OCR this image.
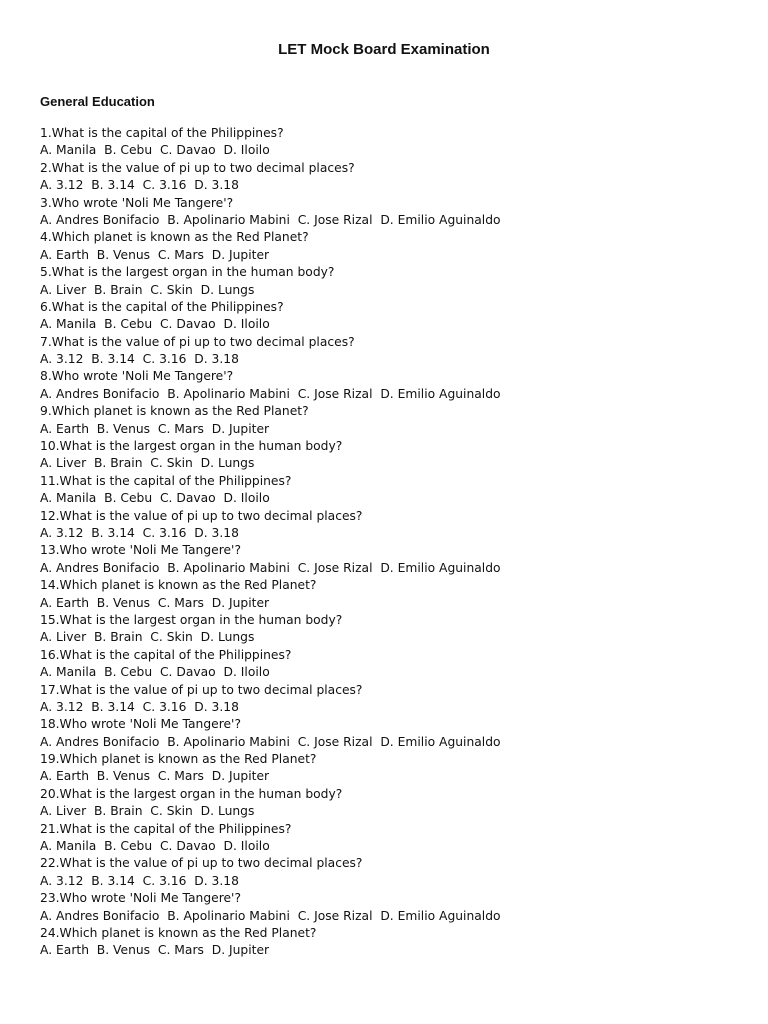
LET Mock Board Examination
General Education
1.What is the capital of the Philippines?
A. Manila  B. Cebu  C. Davao  D. Iloilo
2.What is the value of pi up to two decimal places?
A. 3.12  B. 3.14  C. 3.16  D. 3.18
3.Who wrote 'Noli Me Tangere'?
A. Andres Bonifacio  B. Apolinario Mabini  C. Jose Rizal  D. Emilio Aguinaldo
4.Which planet is known as the Red Planet?
A. Earth  B. Venus  C. Mars  D. Jupiter
5.What is the largest organ in the human body?
A. Liver  B. Brain  C. Skin  D. Lungs
6.What is the capital of the Philippines?
A. Manila  B. Cebu  C. Davao  D. Iloilo
7.What is the value of pi up to two decimal places?
A. 3.12  B. 3.14  C. 3.16  D. 3.18
8.Who wrote 'Noli Me Tangere'?
A. Andres Bonifacio  B. Apolinario Mabini  C. Jose Rizal  D. Emilio Aguinaldo
9.Which planet is known as the Red Planet?
A. Earth  B. Venus  C. Mars  D. Jupiter
10.What is the largest organ in the human body?
A. Liver  B. Brain  C. Skin  D. Lungs
11.What is the capital of the Philippines?
A. Manila  B. Cebu  C. Davao  D. Iloilo
12.What is the value of pi up to two decimal places?
A. 3.12  B. 3.14  C. 3.16  D. 3.18
13.Who wrote 'Noli Me Tangere'?
A. Andres Bonifacio  B. Apolinario Mabini  C. Jose Rizal  D. Emilio Aguinaldo
14.Which planet is known as the Red Planet?
A. Earth  B. Venus  C. Mars  D. Jupiter
15.What is the largest organ in the human body?
A. Liver  B. Brain  C. Skin  D. Lungs
16.What is the capital of the Philippines?
A. Manila  B. Cebu  C. Davao  D. Iloilo
17.What is the value of pi up to two decimal places?
A. 3.12  B. 3.14  C. 3.16  D. 3.18
18.Who wrote 'Noli Me Tangere'?
A. Andres Bonifacio  B. Apolinario Mabini  C. Jose Rizal  D. Emilio Aguinaldo
19.Which planet is known as the Red Planet?
A. Earth  B. Venus  C. Mars  D. Jupiter
20.What is the largest organ in the human body?
A. Liver  B. Brain  C. Skin  D. Lungs
21.What is the capital of the Philippines?
A. Manila  B. Cebu  C. Davao  D. Iloilo
22.What is the value of pi up to two decimal places?
A. 3.12  B. 3.14  C. 3.16  D. 3.18
23.Who wrote 'Noli Me Tangere'?
A. Andres Bonifacio  B. Apolinario Mabini  C. Jose Rizal  D. Emilio Aguinaldo
24.Which planet is known as the Red Planet?
A. Earth  B. Venus  C. Mars  D. Jupiter
